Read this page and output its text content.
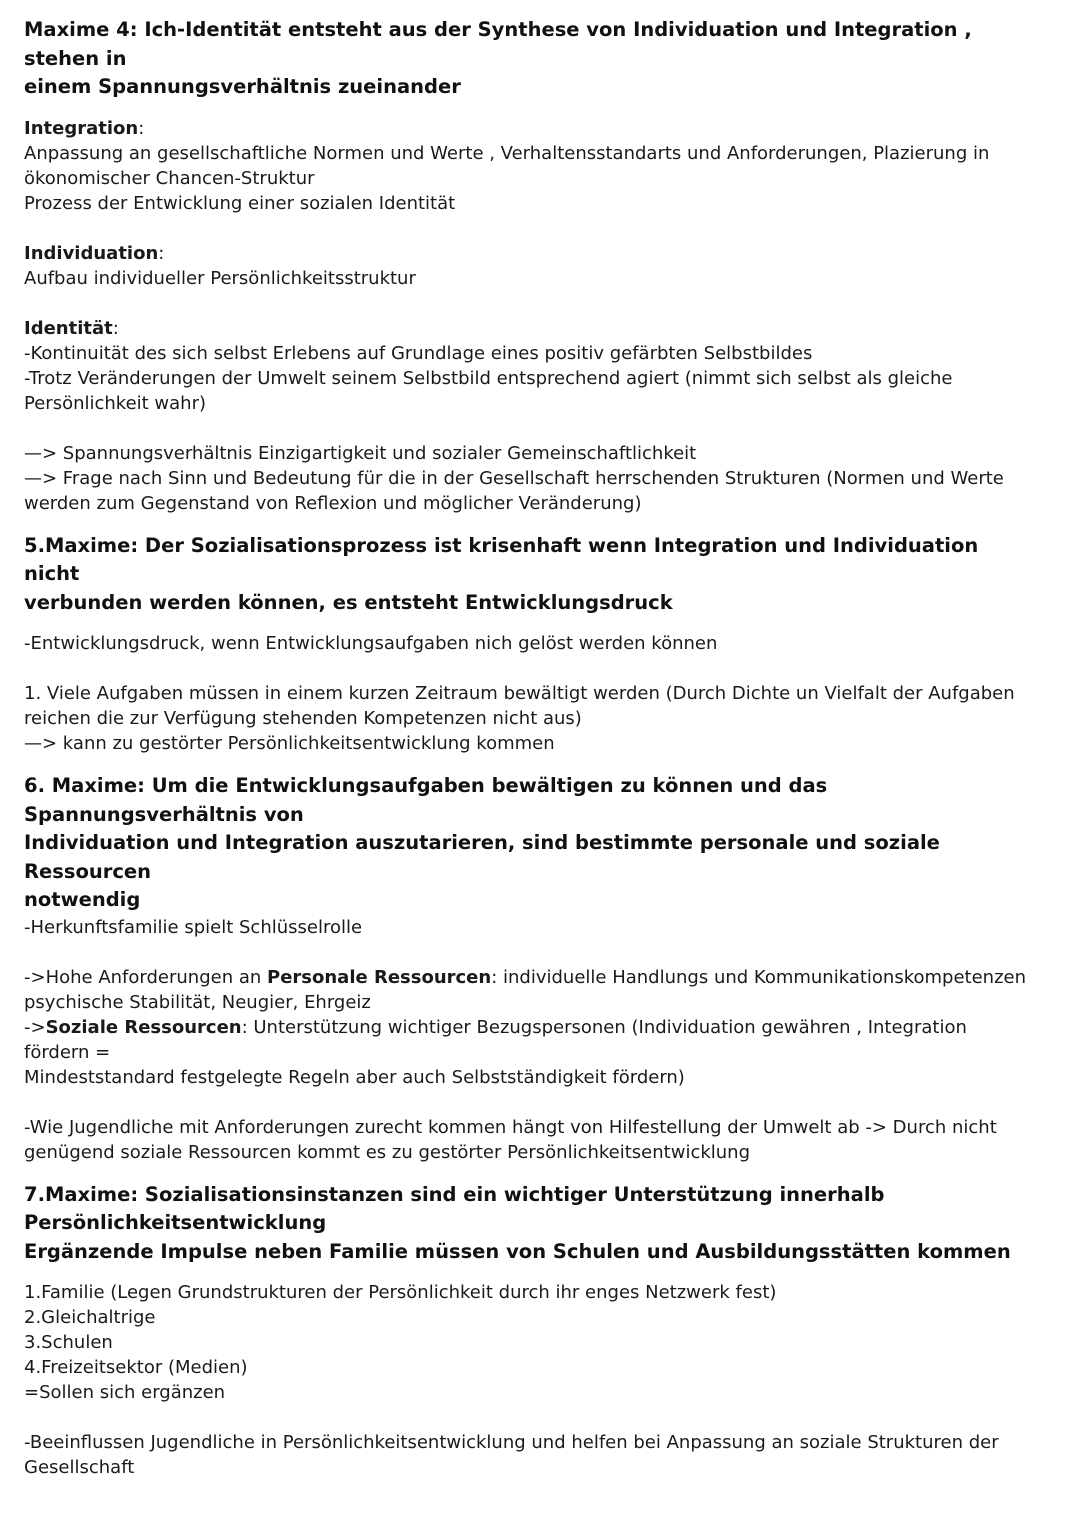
Maxime 4: Ich-Identität entsteht aus der Synthese von Individuation und Integration , stehen in
einem Spannungsverhältnis zueinander

Integration:
Anpassung an gesellschaftliche Normen und Werte , Verhaltensstandarts und Anforderungen, Plazierung in
ökonomischer Chancen-Struktur
Prozess der Entwicklung einer sozialen Identität

Individuation:
Aufbau individueller Persönlichkeitsstruktur

Identität:
-Kontinuität des sich selbst Erlebens auf Grundlage eines positiv gefärbten Selbstbildes
-Trotz Veränderungen der Umwelt seinem Selbstbild entsprechend agiert (nimmt sich selbst als gleiche
Persönlichkeit wahr)

—> Spannungsverhältnis Einzigartigkeit und sozialer Gemeinschaftlichkeit
—> Frage nach Sinn und Bedeutung für die in der Gesellschaft herrschenden Strukturen (Normen und Werte
werden zum Gegenstand von Reflexion und möglicher Veränderung)

5.Maxime: Der Sozialisationsprozess ist krisenhaft wenn Integration und Individuation nicht
verbunden werden können, es entsteht Entwicklungsdruck

-Entwicklungsdruck, wenn Entwicklungsaufgaben nich gelöst werden können

1. Viele Aufgaben müssen in einem kurzen Zeitraum bewältigt werden (Durch Dichte un Vielfalt der Aufgaben
reichen die zur Verfügung stehenden Kompetenzen nicht aus)
—> kann zu gestörter Persönlichkeitsentwicklung kommen

6. Maxime: Um die Entwicklungsaufgaben bewältigen zu können und das Spannungsverhältnis von
Individuation und Integration auszutarieren, sind bestimmte personale und soziale Ressourcen
notwendig

-Herkunftsfamilie spielt Schlüsselrolle

->Hohe Anforderungen an Personale Ressourcen: individuelle Handlungs und Kommunikationskompetenzen
psychische Stabilität, Neugier, Ehrgeiz
->Soziale Ressourcen: Unterstützung wichtiger Bezugspersonen (Individuation gewähren , Integration fördern =
Mindeststandard festgelegte Regeln aber auch Selbstständigkeit fördern)

-Wie Jugendliche mit Anforderungen zurecht kommen hängt von Hilfestellung der Umwelt ab -> Durch nicht
genügend soziale Ressourcen kommt es zu gestörter Persönlichkeitsentwicklung

7.Maxime: Sozialisationsinstanzen sind ein wichtiger Unterstützung innerhalb
Persönlichkeitsentwicklung
Ergänzende Impulse neben Familie müssen von Schulen und Ausbildungsstätten kommen

1.Familie (Legen Grundstrukturen der Persönlichkeit durch ihr enges Netzwerk fest)
2.Gleichaltrige
3.Schulen
4.Freizeitsektor (Medien)
=Sollen sich ergänzen

-Beeinflussen Jugendliche in Persönlichkeitsentwicklung und helfen bei Anpassung an soziale Strukturen der
Gesellschaft
